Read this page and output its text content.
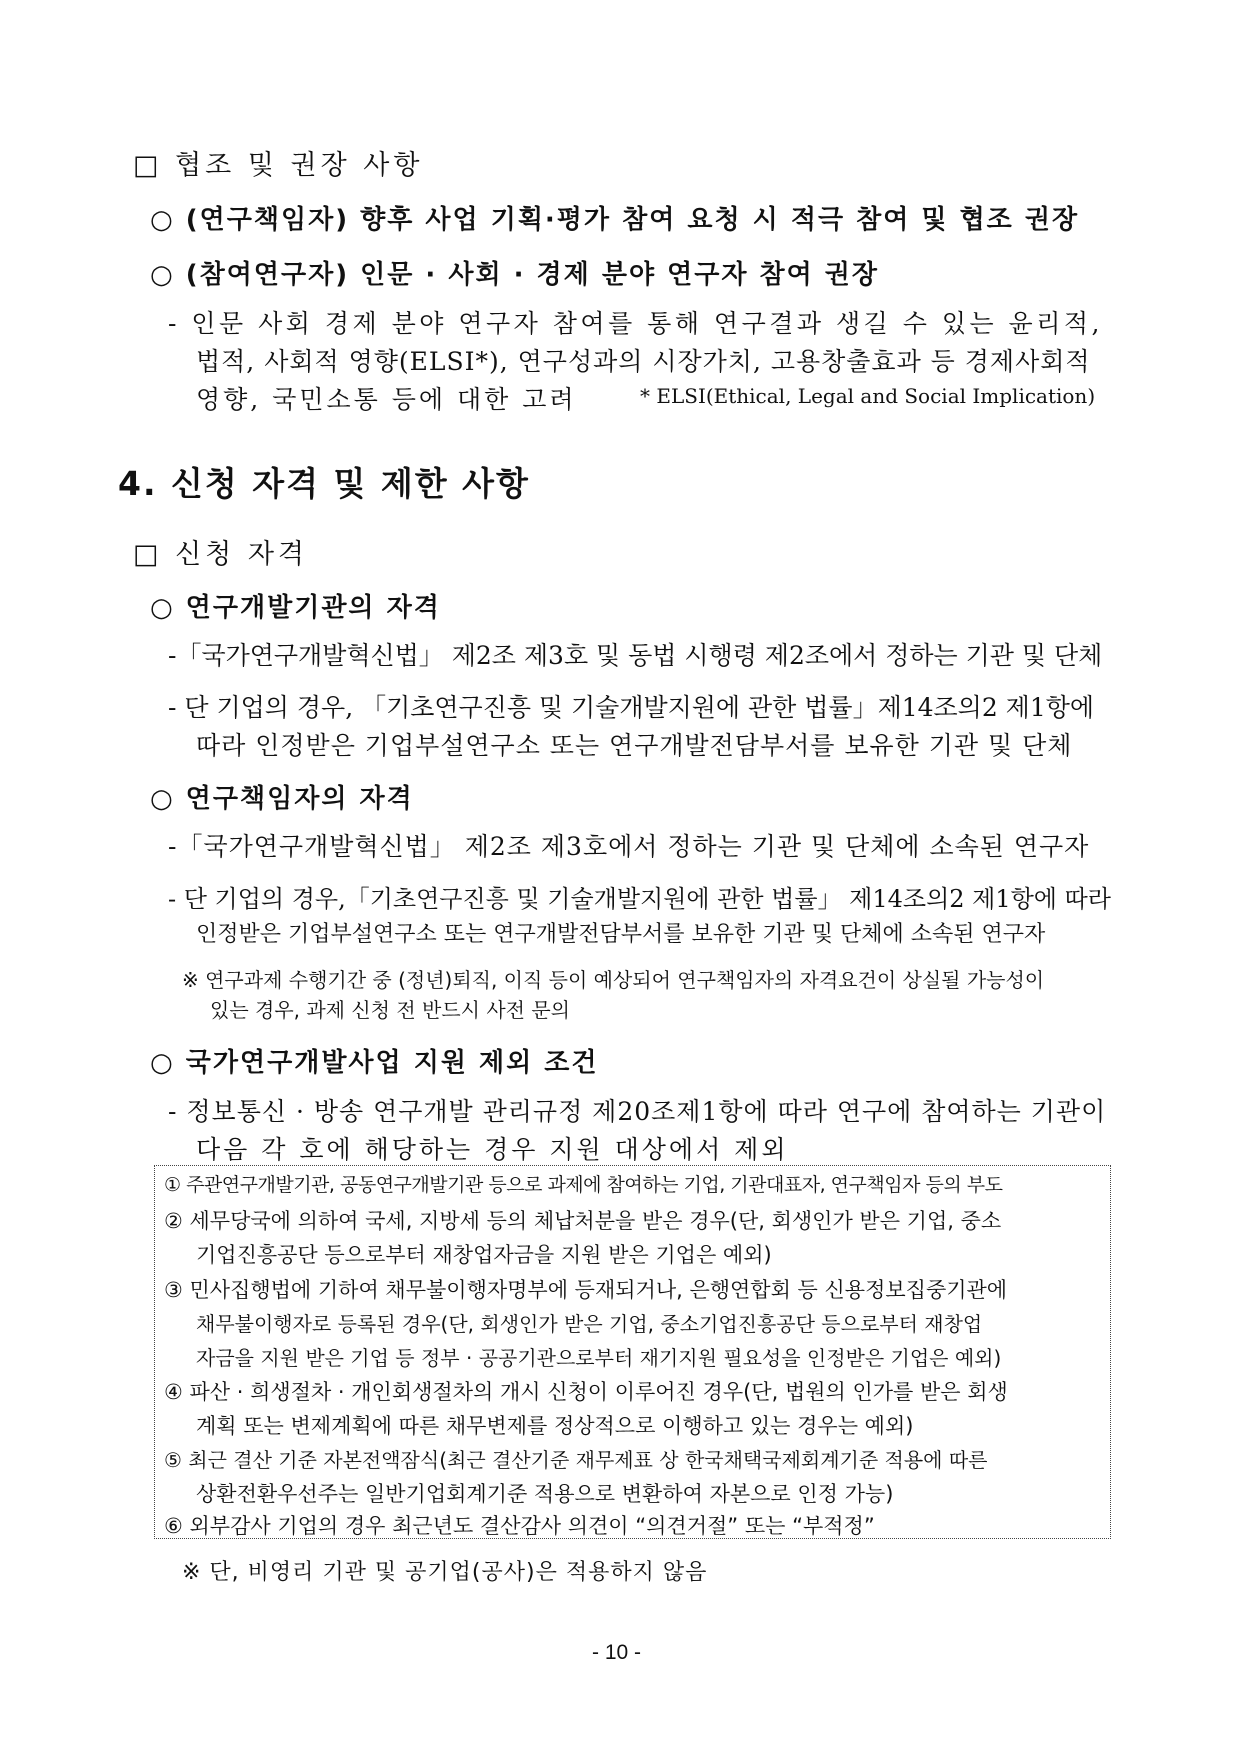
□ 협조 및 권장 사항
○ (연구책임자) 향후 사업 기획·평가 참여 요청 시 적극 참여 및 협조 권장
○ (참여연구자) 인문 · 사회 · 경제 분야 연구자 참여 권장
- 인문 사회 경제 분야 연구자 참여를 통해 연구결과 생길 수 있는 윤리적,
법적, 사회적 영향(ELSI*), 연구성과의 시장가치, 고용창출효과 등 경제사회적
영향, 국민소통 등에 대한 고려	* ELSI(Ethical, Legal and Social Implication)
4. 신청 자격 및 제한 사항
□ 신청 자격
○ 연구개발기관의 자격
-「국가연구개발혁신법」 제2조 제3호 및 동법 시행령 제2조에서 정하는 기관 및 단체
- 단 기업의 경우, 「기초연구진흥 및 기술개발지원에 관한 법률」제14조의2 제1항에
따라 인정받은 기업부설연구소 또는 연구개발전담부서를 보유한 기관 및 단체
○ 연구책임자의 자격
-「국가연구개발혁신법」 제2조 제3호에서 정하는 기관 및 단체에 소속된 연구자
- 단 기업의 경우,「기초연구진흥 및 기술개발지원에 관한 법률」 제14조의2 제1항에 따라
인정받은 기업부설연구소 또는 연구개발전담부서를 보유한 기관 및 단체에 소속된 연구자
※ 연구과제 수행기간 중 (정년)퇴직, 이직 등이 예상되어 연구책임자의 자격요건이 상실될 가능성이
있는 경우, 과제 신청 전 반드시 사전 문의
○ 국가연구개발사업 지원 제외 조건
- 정보통신 · 방송 연구개발 관리규정 제20조제1항에 따라 연구에 참여하는 기관이
다음 각 호에 해당하는 경우 지원 대상에서 제외
① 주관연구개발기관, 공동연구개발기관 등으로 과제에 참여하는 기업, 기관대표자, 연구책임자 등의 부도
② 세무당국에 의하여 국세, 지방세 등의 체납처분을 받은 경우(단, 회생인가 받은 기업, 중소
기업진흥공단 등으로부터 재창업자금을 지원 받은 기업은 예외)
③ 민사집행법에 기하여 채무불이행자명부에 등재되거나, 은행연합회 등 신용정보집중기관에
채무불이행자로 등록된 경우(단, 회생인가 받은 기업, 중소기업진흥공단 등으로부터 재창업
자금을 지원 받은 기업 등 정부 · 공공기관으로부터 재기지원 필요성을 인정받은 기업은 예외)
④ 파산 · 희생절차 · 개인회생절차의 개시 신청이 이루어진 경우(단, 법원의 인가를 받은 회생
계획 또는 변제계획에 따른 채무변제를 정상적으로 이행하고 있는 경우는 예외)
⑤ 최근 결산 기준 자본전액잠식(최근 결산기준 재무제표 상 한국채택국제회계기준 적용에 따른
상환전환우선주는 일반기업회계기준 적용으로 변환하여 자본으로 인정 가능)
⑥ 외부감사 기업의 경우 최근년도 결산감사 의견이 “의견거절” 또는 “부적정”
※ 단, 비영리 기관 및 공기업(공사)은 적용하지 않음
- 10 -
